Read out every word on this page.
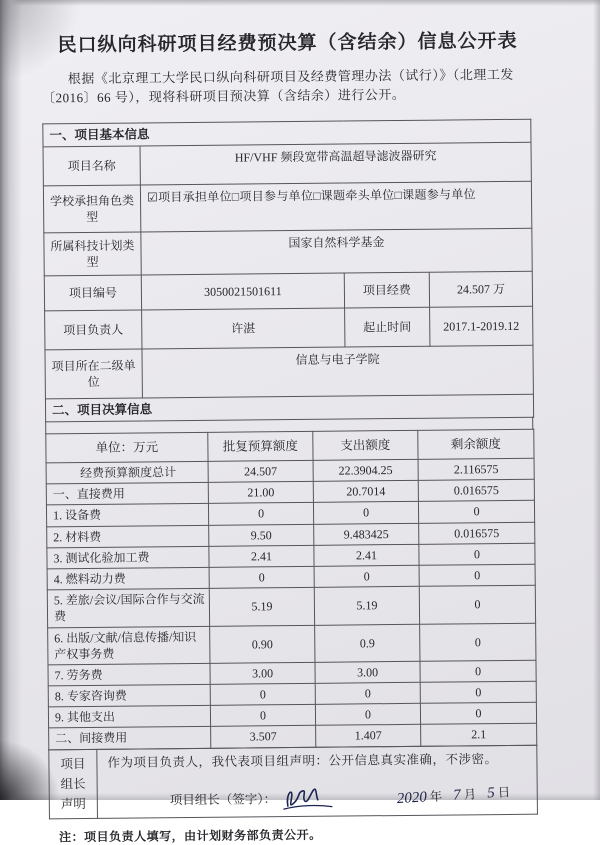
民口纵向科研项目经费预决算（含结余）信息公开表
根据《北京理工大学民口纵向科研项目及经费管理办法（试行）》（北理工发〔2016〕66 号），现将科研项目预决算（含结余）进行公开。
一、项目基本信息			
项目名称	HF/VHF 频段宽带高温超导滤波器研究		
学校承担角色类型	☑项目承担单位□项目参与单位□课题牵头单位□课题参与单位		
所属科技计划类型	国家自然科学基金		
项目编号	3050021501611	项目经费	24.507 万
项目负责人	许湛	起止时间	2017.1-2019.12
项目所在二级单位	信息与电子学院		
二、项目决算信息			
单位：万元	批复预算额度	支出额度	剩余额度
经费预算额度总计	24.507	22.3904.25	2.116575
一、直接费用	21.00	20.7014	0.016575
1. 设备费	0	0	0
2. 材料费	9.50	9.483425	0.016575
3. 测试化验加工费	2.41	2.41	0
4. 燃料动力费	0	0	0
5. 差旅/会议/国际合作与交流费	5.19	5.19	0
6. 出版/文献/信息传播/知识产权事务费	0.90	0.9	0
7. 劳务费	3.00	3.00	0
8. 专家咨询费	0	0	0
9. 其他支出	0	0	0
二、间接费用	3.507	1.407	2.1
项目组长声明	
作为项目负责人，我代表项目组声明：公开信息真实准确，不涉密。
项目组长（签字）：	2020 年 7 月 5 日
注：项目负责人填写，由计划财务部负责公开。
